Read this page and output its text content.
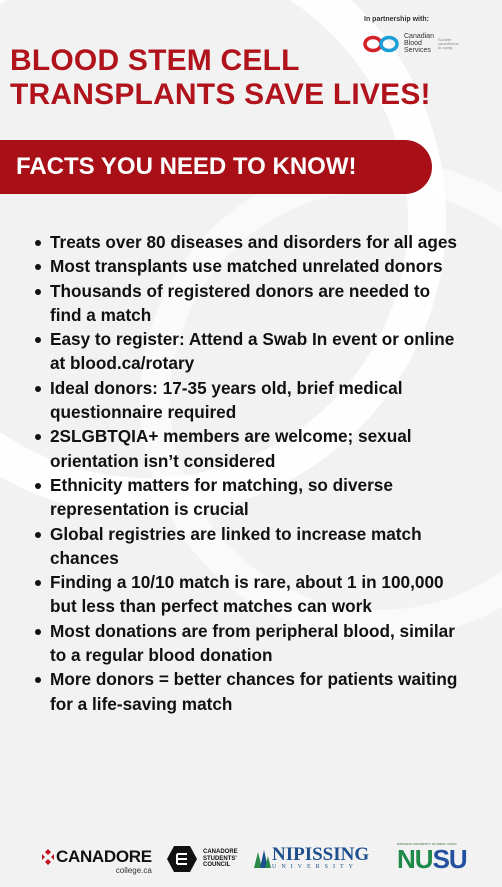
In partnership with:
Canadian
Blood
Services
Société
canadienne
du sang
BLOOD STEM CELL
TRANSPLANTS SAVE LIVES!
FACTS YOU NEED TO KNOW!
Treats over 80 diseases and disorders for all ages
Most transplants use matched unrelated donors
Thousands of registered donors are needed to find a match
Easy to register: Attend a Swab In event or online at blood.ca/rotary
Ideal donors: 17-35 years old, brief medical questionnaire required
2SLGBTQIA+ members are welcome; sexual orientation isn’t considered
Ethnicity matters for matching, so diverse representation is crucial
Global registries are linked to increase match chances
Finding a 10/10 match is rare, about 1 in 100,000 but less than perfect matches can work
Most donations are from peripheral blood, similar to a regular blood donation
More donors = better chances for patients waiting for a life-saving match
CANADORE
college.ca
CANADORE
STUDENTS'
COUNCIL
NIPISSING
UNIVERSITY
NIPISSING UNIVERSITY STUDENT UNION
NUSU
